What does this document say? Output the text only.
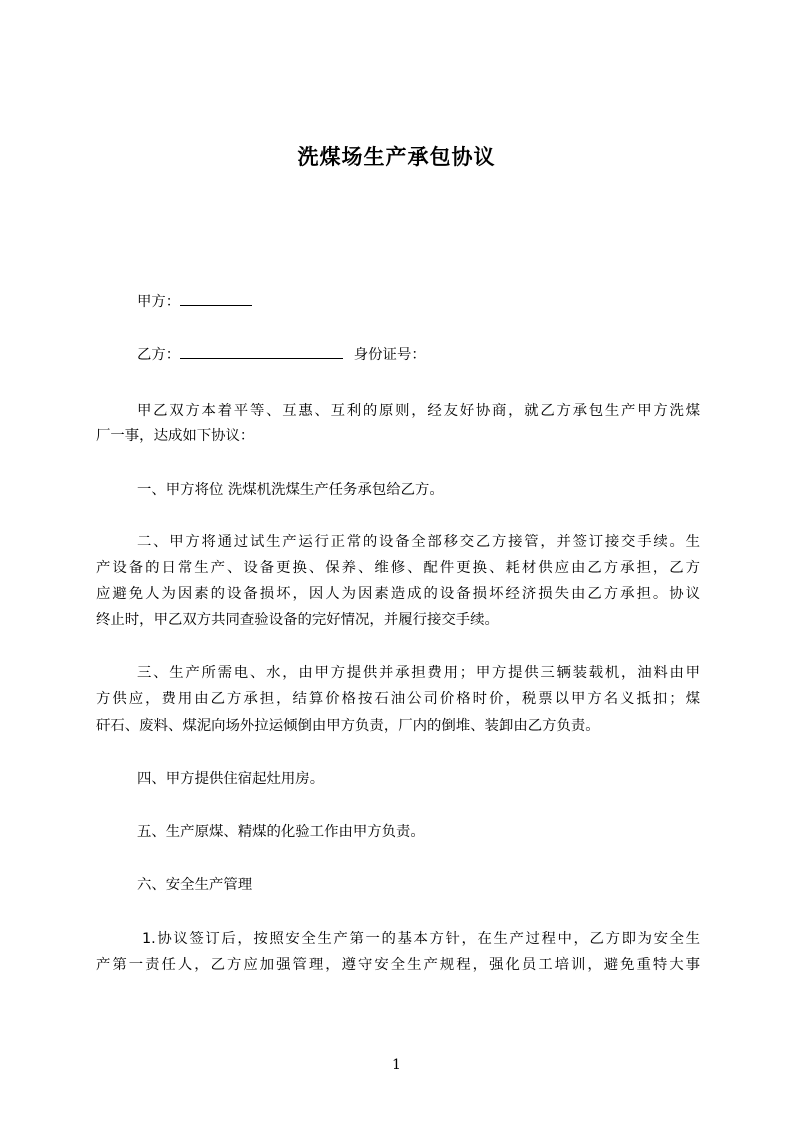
洗煤场生产承包协议
甲方：
乙方：	身份证号：
甲乙双方本着平等、互惠、互利的原则，经友好协商，就乙方承包生产甲方洗煤
厂一事，达成如下协议：
一、甲方将位 洗煤机洗煤生产任务承包给乙方。
二、甲方将通过试生产运行正常的设备全部移交乙方接管，并签订接交手续。生
产设备的日常生产、设备更换、保养、维修、配件更换、耗材供应由乙方承担，乙方
应避免人为因素的设备损坏，因人为因素造成的设备损坏经济损失由乙方承担。协议
终止时，甲乙双方共同查验设备的完好情况，并履行接交手续。
三、生产所需电、水，由甲方提供并承担费用；甲方提供三辆装载机，油料由甲
方供应，费用由乙方承担，结算价格按石油公司价格时价，税票以甲方名义抵扣；煤
矸石、废料、煤泥向场外拉运倾倒由甲方负责，厂内的倒堆、装卸由乙方负责。
四、甲方提供住宿起灶用房。
五、生产原煤、精煤的化验工作由甲方负责。
六、安全生产管理
1.协议签订后，按照安全生产第一的基本方针，在生产过程中，乙方即为安全生
产第一责任人，乙方应加强管理，遵守安全生产规程，强化员工培训，避免重特大事
1
